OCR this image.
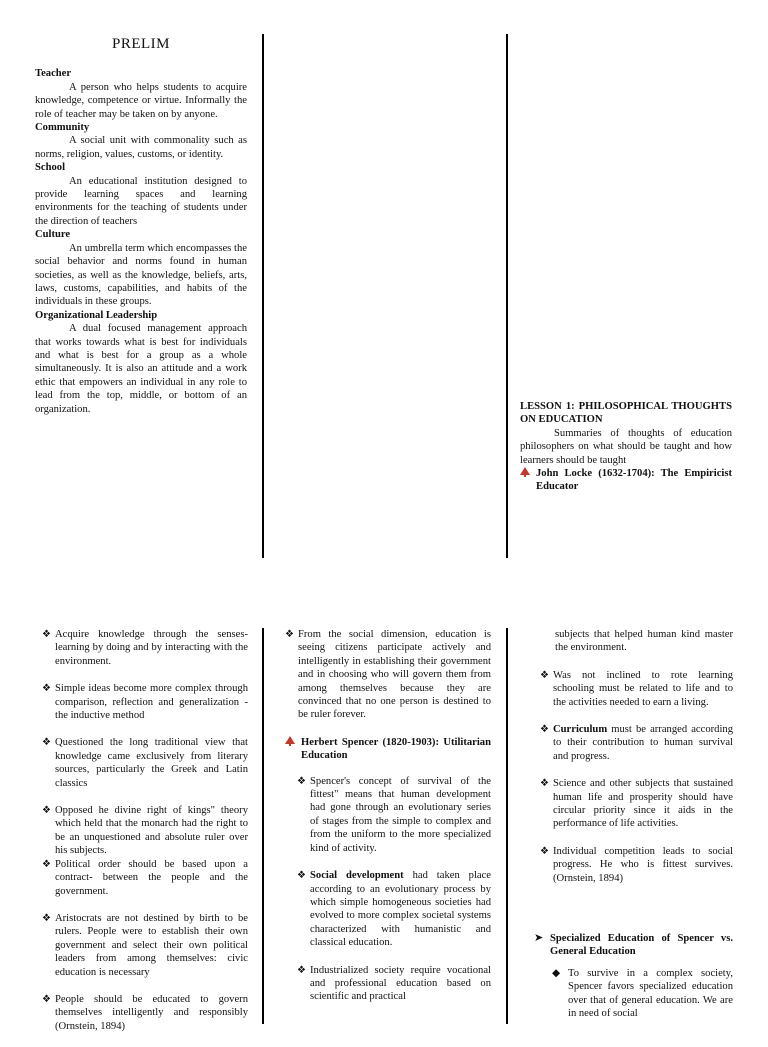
PRELIM

Teacher

A person who helps students to acquire knowledge, competence or virtue. Informally the role of teacher may be taken on by anyone.

Community

A social unit with commonality such as norms, religion, values, customs, or identity.

School

An educational institution designed to provide learning spaces and learning environments for the teaching of students under the direction of teachers

Culture

An umbrella term which encompasses the social behavior and norms found in human societies, as well as the knowledge, beliefs, arts, laws, customs, capabilities, and habits of the individuals in these groups.

Organizational Leadership

A dual focused management approach that works towards what is best for individuals and what is best for a group as a whole simultaneously. It is also an attitude and a work ethic that empowers an individual in any role to lead from the top, middle, or bottom of an organization.	LESSON 1: PHILOSOPHICAL THOUGHTS ON EDUCATION

Summaries of thoughts of education philosophers on what should be taught and how learners should be taught

John Locke (1632-1704): The Empiricist Educator

❖ Acquire knowledge through the senses- learning by doing and by interacting with the environment.

❖ Simple ideas become more complex through comparison, reflection and generalization - the inductive method

❖ Questioned the long traditional view that knowledge came exclusively from literary sources, particularly the Greek and Latin classics

❖ Opposed he divine right of kings" theory which held that the monarch had the right to be an unquestioned and absolute ruler over his subjects.

❖ Political order should be based upon a contract- between the people and the government.

❖ Aristocrats are not destined by birth to be rulers. People were to establish their own government and select their own political leaders from among themselves: civic education is necessary

❖ People should be educated to govern themselves intelligently and responsibly (Ornstein, 1894)

❖ From the social dimension, education is seeing citizens participate actively and intelligently in establishing their government and in choosing who will govern them from among themselves because they are convinced that no one person is destined to be ruler forever.

Herbert Spencer (1820-1903): Utilitarian Education

❖ Spencer's concept of survival of the fittest" means that human development had gone through an evolutionary series of stages from the simple to complex and from the uniform to the more specialized kind of activity.

❖ Social development had taken place according to an evolutionary process by which simple homogeneous societies had evolved to more complex societal systems characterized with humanistic and classical education.

❖ Industrialized society require vocational and professional education based on scientific and practical

subjects that helped human kind master the environment.

❖ Was not inclined to rote learning schooling must be related to life and to the activities needed to earn a living.

❖ Curriculum must be arranged according to their contribution to human survival and progress.

❖ Science and other subjects that sustained human life and prosperity should have circular priority since it aids in the performance of life activities.

❖ Individual competition leads to social progress. He who is fittest survives. (Ornstein, 1894)

➤ Specialized Education of Spencer vs. General Education

◆ To survive in a complex society, Spencer favors specialized education over that of general education. We are in need of social
